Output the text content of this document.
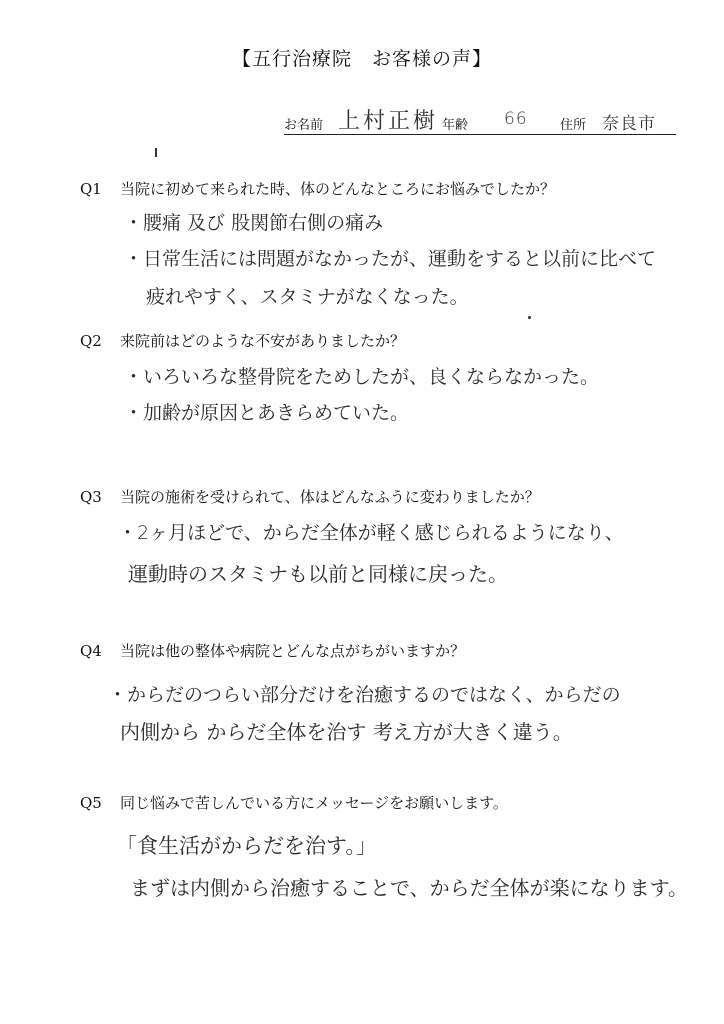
【五行治療院　お客様の声】
お名前 上村正樹 年齢 66 住所 奈良市
Q1 当院に初めて来られた時、体のどんなところにお悩みでしたか？
・腰痛 及び 股関節右側の痛み
・日常生活には問題がなかったが、運動をすると以前に比べて
疲れやすく、スタミナがなくなった。
Q2 来院前はどのような不安がありましたか？
・いろいろな整骨院をためしたが、良くならなかった。
・加齢が原因とあきらめていた。
Q3 当院の施術を受けられて、体はどんなふうに変わりましたか？
・2ヶ月ほどで、からだ全体が軽く感じられるようになり、
運動時のスタミナも以前と同様に戻った。
Q4 当院は他の整体や病院とどんな点がちがいますか？
・からだのつらい部分だけを治癒するのではなく、からだの
内側から からだ全体を治す 考え方が大きく違う。
Q5 同じ悩みで苦しんでいる方にメッセージをお願いします。
「食生活がからだを治す。」
まずは内側から治癒することで、からだ全体が楽になります。
